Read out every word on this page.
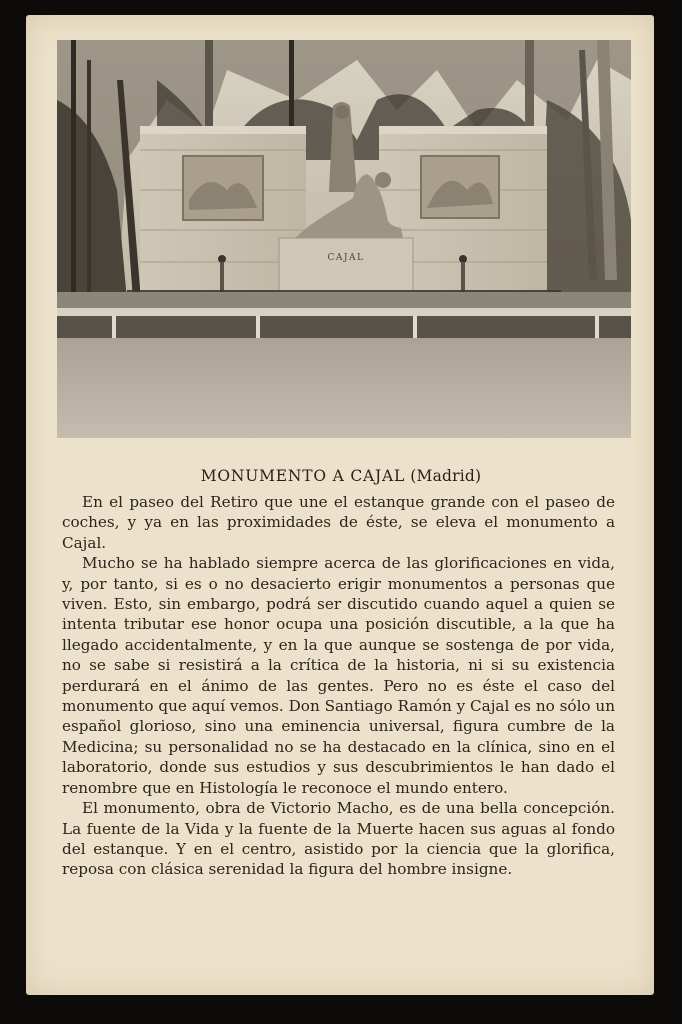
CAJAL
MONUMENTO A CAJAL (Madrid)

En el paseo del Retiro que une el estanque grande con el paseo de coches, y ya en las proximidades de éste, se eleva el monumento a Cajal.

Mucho se ha hablado siempre acerca de las glorificaciones en vida, y, por tanto, si es o no desacierto erigir monumentos a personas que viven. Esto, sin embargo, podrá ser discutido cuando aquel a quien se intenta tributar ese honor ocupa una posición discutible, a la que ha llegado accidentalmente, y en la que aunque se sostenga de por vida, no se sabe si resistirá a la crítica de la historia, ni si su existencia perdurará en el ánimo de las gentes. Pero no es éste el caso del monumento que aquí vemos. Don Santiago Ramón y Cajal es no sólo un español glorioso, sino una eminencia universal, figura cumbre de la Medicina; su personalidad no se ha destacado en la clínica, sino en el laboratorio, donde sus estudios y sus descubrimientos le han dado el renombre que en Histología le reconoce el mundo entero.

El monumento, obra de Victorio Macho, es de una bella concepción. La fuente de la Vida y la fuente de la Muerte hacen sus aguas al fondo del estanque. Y en el centro, asistido por la ciencia que la glorifica, reposa con clásica serenidad la figura del hombre insigne.
